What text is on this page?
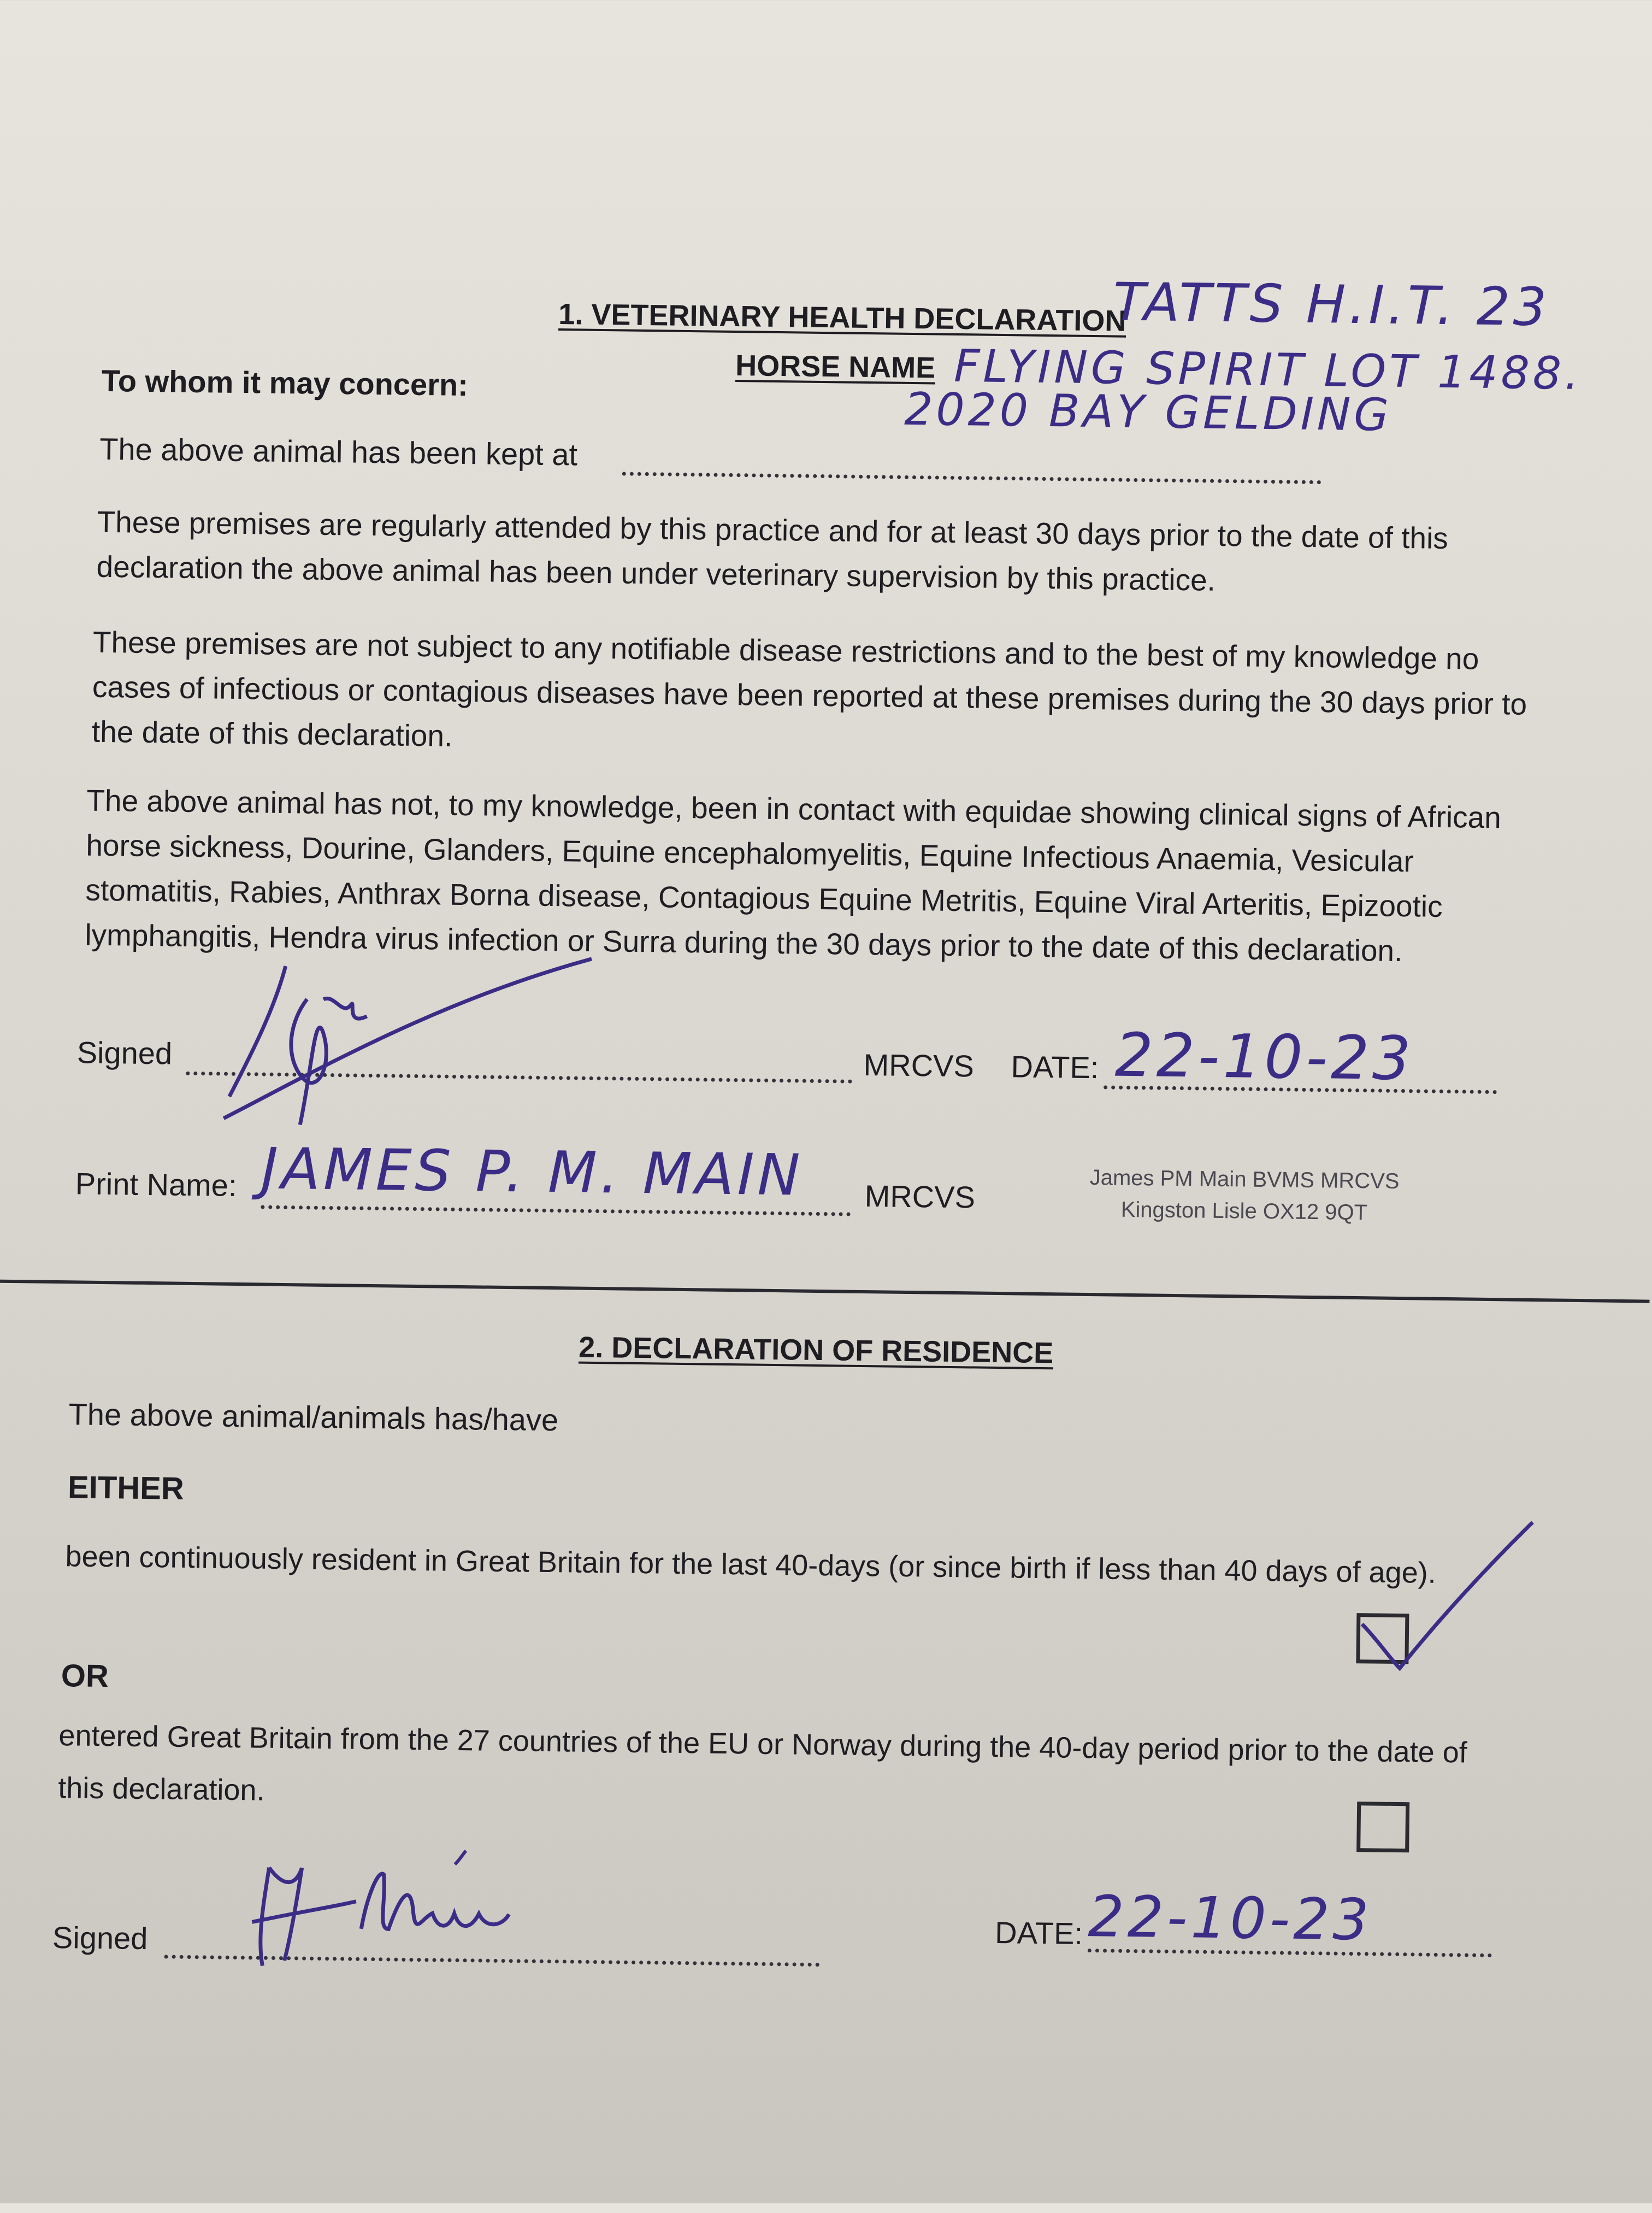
1. VETERINARY HEALTH DECLARATION
TATTS H.I.T. 23
HORSE NAME FLYING SPIRIT LOT 1488.
2020 BAY GELDING
To whom it may concern:
The above animal has been kept at
These premises are regularly attended by this practice and for at least 30 days prior to the date of this declaration the above animal has been under veterinary supervision by this practice.
These premises are not subject to any notifiable disease restrictions and to the best of my knowledge no cases of infectious or contagious diseases have been reported at these premises during the 30 days prior to the date of this declaration.
The above animal has not, to my knowledge, been in contact with equidae showing clinical signs of African horse sickness, Dourine, Glanders, Equine encephalomyelitis, Equine Infectious Anaemia, Vesicular stomatitis, Rabies, Anthrax Borna disease, Contagious Equine Metritis, Equine Viral Arteritis, Epizootic lymphangitis, Hendra virus infection or Surra during the 30 days prior to the date of this declaration.
Signed	MRCVS DATE: 22-10-23
Print Name: JAMES P. M. MAIN MRCVS	James PM Main BVMS MRCVS
Kingston Lisle OX12 9QT
2. DECLARATION OF RESIDENCE
The above animal/animals has/have
EITHER
been continuously resident in Great Britain for the last 40-days (or since birth if less than 40 days of age).
OR
entered Great Britain from the 27 countries of the EU or Norway during the 40-day period prior to the date of this declaration.
Signed	DATE: 22-10-23
